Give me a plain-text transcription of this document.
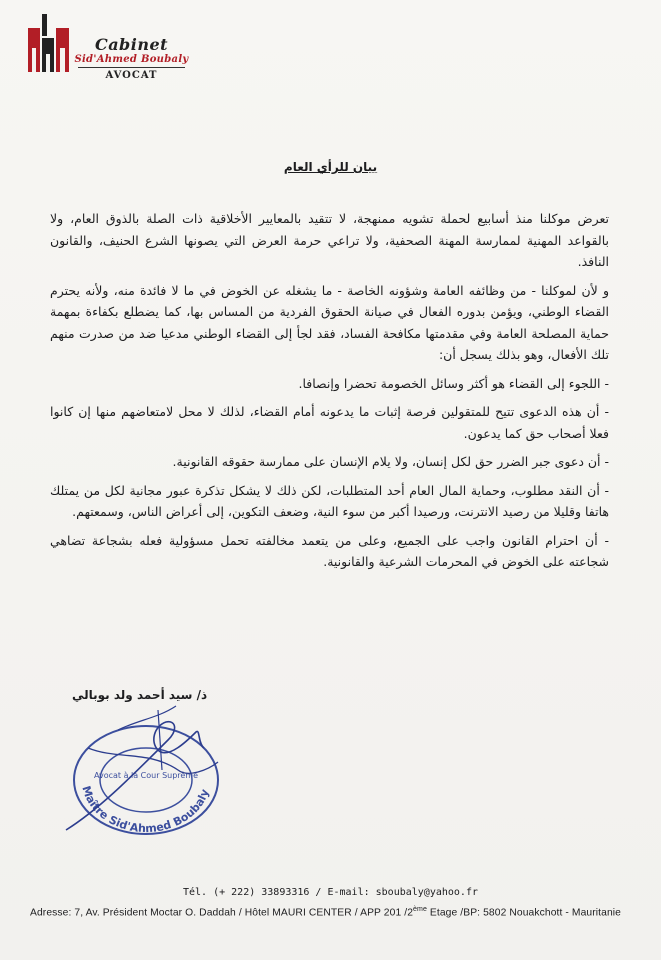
Cabinet
Sid'Ahmed Boubaly
AVOCAT
بيان للرأي العام

تعرض موكلنا منذ أسابيع لحملة تشويه ممنهجة، لا تتقيد بالمعايير الأخلاقية ذات الصلة بالذوق العام، ولا بالقواعد المهنية لممارسة المهنة الصحفية، ولا تراعي حرمة العرض التي يصونها الشرع الحنيف، والقانون النافذ.

و لأن لموكلنا - من وظائفه العامة وشؤونه الخاصة - ما يشغله عن الخوض في ما لا فائدة منه، ولأنه يحترم القضاء الوطني، ويؤمن بدوره الفعال في صيانة الحقوق الفردية من المساس بها، كما يضطلع بكفاءة بمهمة حماية المصلحة العامة وفي مقدمتها مكافحة الفساد، فقد لجأ إلى القضاء الوطني مدعيا ضد من صدرت منهم تلك الأفعال، وهو بذلك يسجل أن:

- اللجوء إلى القضاء هو أكثر وسائل الخصومة تحضرا وإنصافا.

- أن هذه الدعوى تتيح للمتقولين فرصة إثبات ما يدعونه أمام القضاء، لذلك لا محل لامتعاضهم منها إن كانوا فعلا أصحاب حق كما يدعون.

- أن دعوى جبر الضرر حق لكل إنسان، ولا يلام الإنسان على ممارسة حقوقه القانونية.

- أن النقد مطلوب، وحماية المال العام أحد المتطلبات، لكن ذلك لا يشكل تذكرة عبور مجانية لكل من يمتلك هاتفا وقليلا من رصيد الانترنت، ورصيدا أكبر من سوء النية، وضعف التكوين، إلى أعراض الناس، وسمعتهم.

- أن احترام القانون واجب على الجميع، وعلى من يتعمد مخالفته تحمل مسؤولية فعله بشجاعة تضاهي شجاعته على الخوض في المحرمات الشرعية والقانونية.

ذ/ سيد أحمد ولد بوبالي
Maître Sid'Ahmed Boubaly
Avocat à la Cour Suprême
Tél. (+ 222) 33893316 / E-mail: sboubaly@yahoo.fr
Adresse: 7, Av. Président Moctar O. Daddah / Hôtel MAURI CENTER / APP 201 /2ème Etage /BP: 5802 Nouakchott - Mauritanie
